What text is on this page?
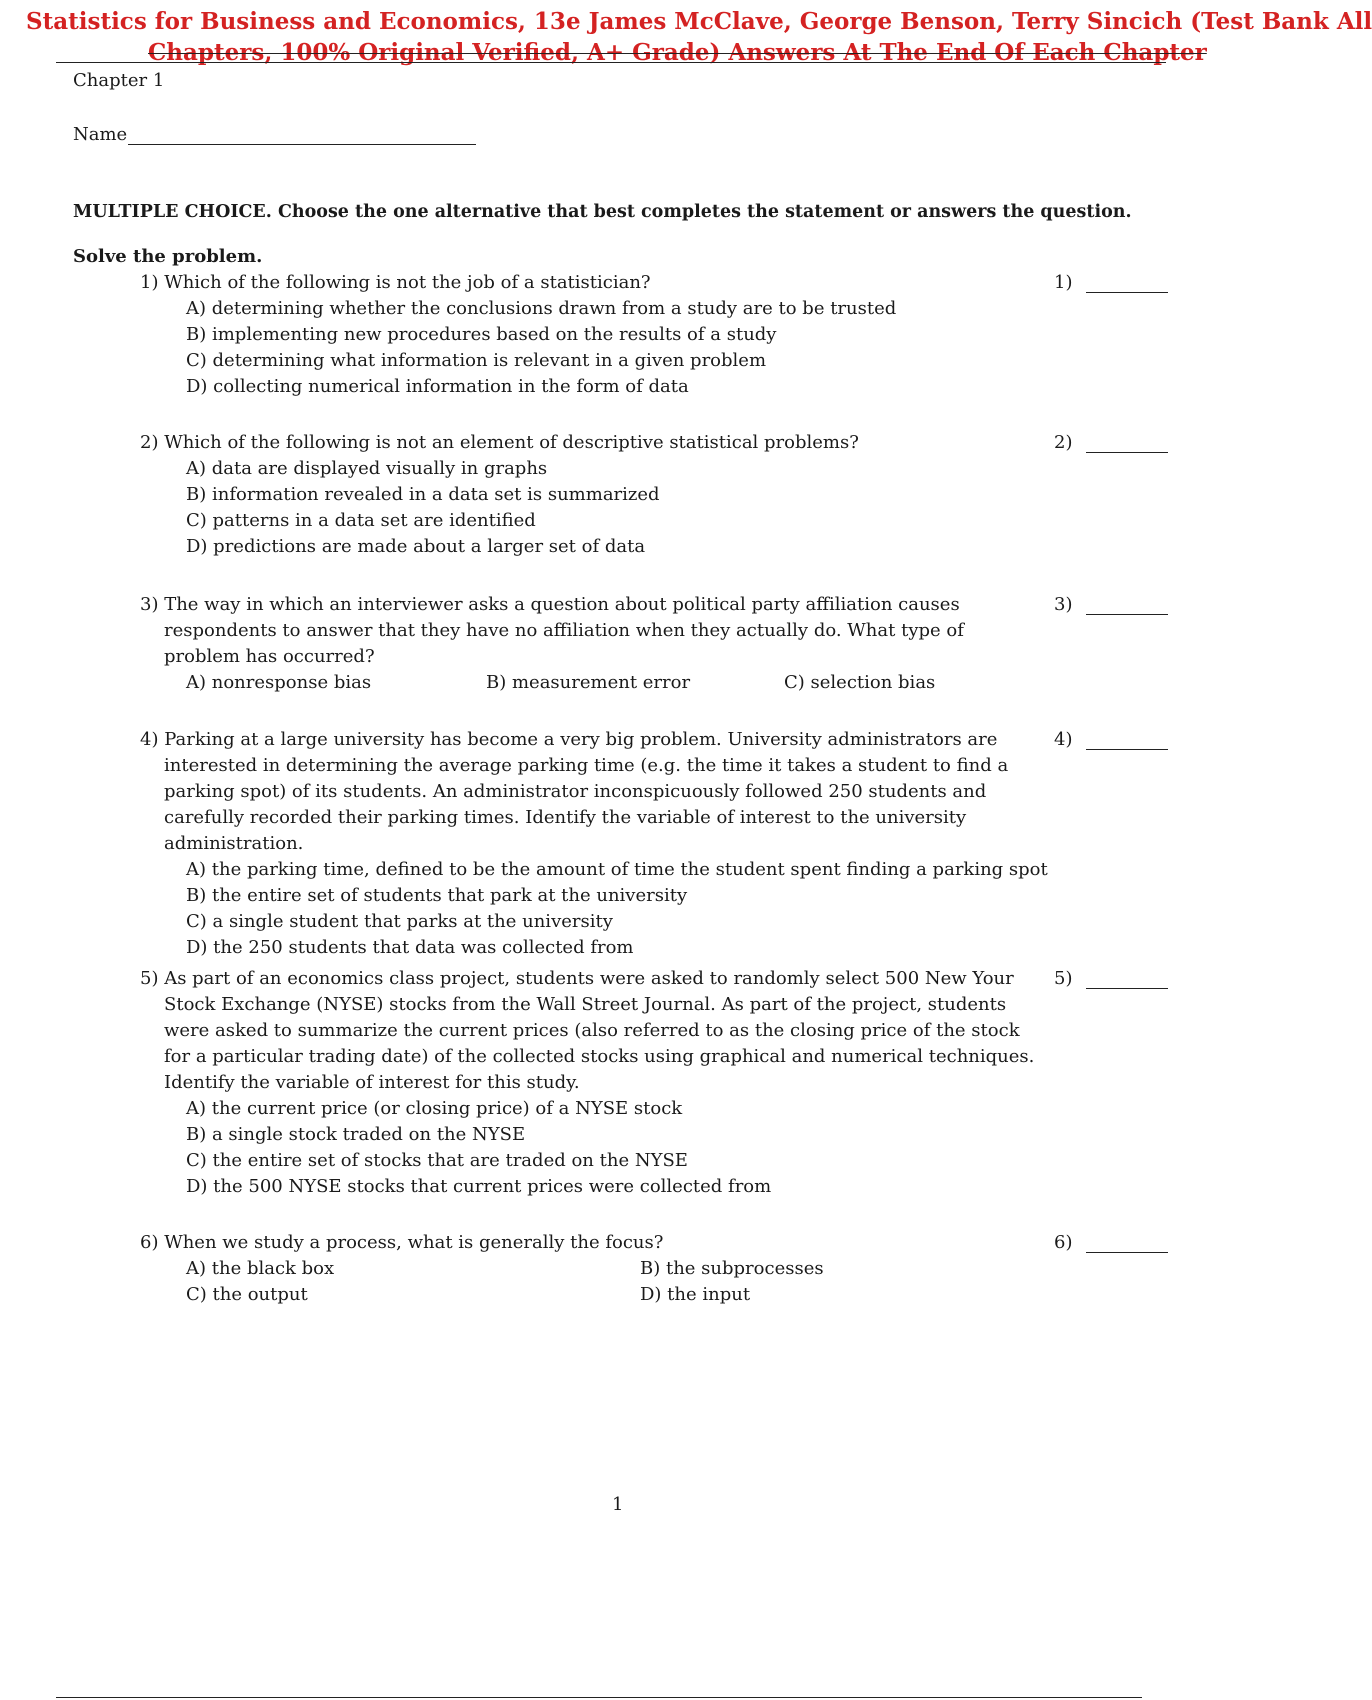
Statistics for Business and Economics, 13e James McClave, George Benson, Terry Sincich (Test Bank All
Chapters, 100% Original Verified, A+ Grade) Answers At The End Of Each Chapter
Chapter 1
Name
MULTIPLE CHOICE. Choose the one alternative that best completes the statement or answers the question.
Solve the problem.
1) Which of the following is not the job of a statistician?
A) determining whether the conclusions drawn from a study are to be trusted
B) implementing new procedures based on the results of a study
C) determining what information is relevant in a given problem
D) collecting numerical information in the form of data
1)
2) Which of the following is not an element of descriptive statistical problems?
A) data are displayed visually in graphs
B) information revealed in a data set is summarized
C) patterns in a data set are identified
D) predictions are made about a larger set of data
2)
3) The way in which an interviewer asks a question about political party affiliation causes respondents to answer that they have no affiliation when they actually do. What type of problem has occurred?
A) nonresponse bias	B) measurement error	C) selection bias
3)
4) Parking at a large university has become a very big problem. University administrators are interested in determining the average parking time (e.g. the time it takes a student to find a parking spot) of its students. An administrator inconspicuously followed 250 students and carefully recorded their parking times. Identify the variable of interest to the university administration.
A) the parking time, defined to be the amount of time the student spent finding a parking spot
B) the entire set of students that park at the university
C) a single student that parks at the university
D) the 250 students that data was collected from
4)
5) As part of an economics class project, students were asked to randomly select 500 New Your Stock Exchange (NYSE) stocks from the Wall Street Journal. As part of the project, students were asked to summarize the current prices (also referred to as the closing price of the stock for a particular trading date) of the collected stocks using graphical and numerical techniques. Identify the variable of interest for this study.
A) the current price (or closing price) of a NYSE stock
B) a single stock traded on the NYSE
C) the entire set of stocks that are traded on the NYSE
D) the 500 NYSE stocks that current prices were collected from
5)
6) When we study a process, what is generally the focus?
A) the black box	B) the subprocesses
C) the output	D) the input
6)
1
